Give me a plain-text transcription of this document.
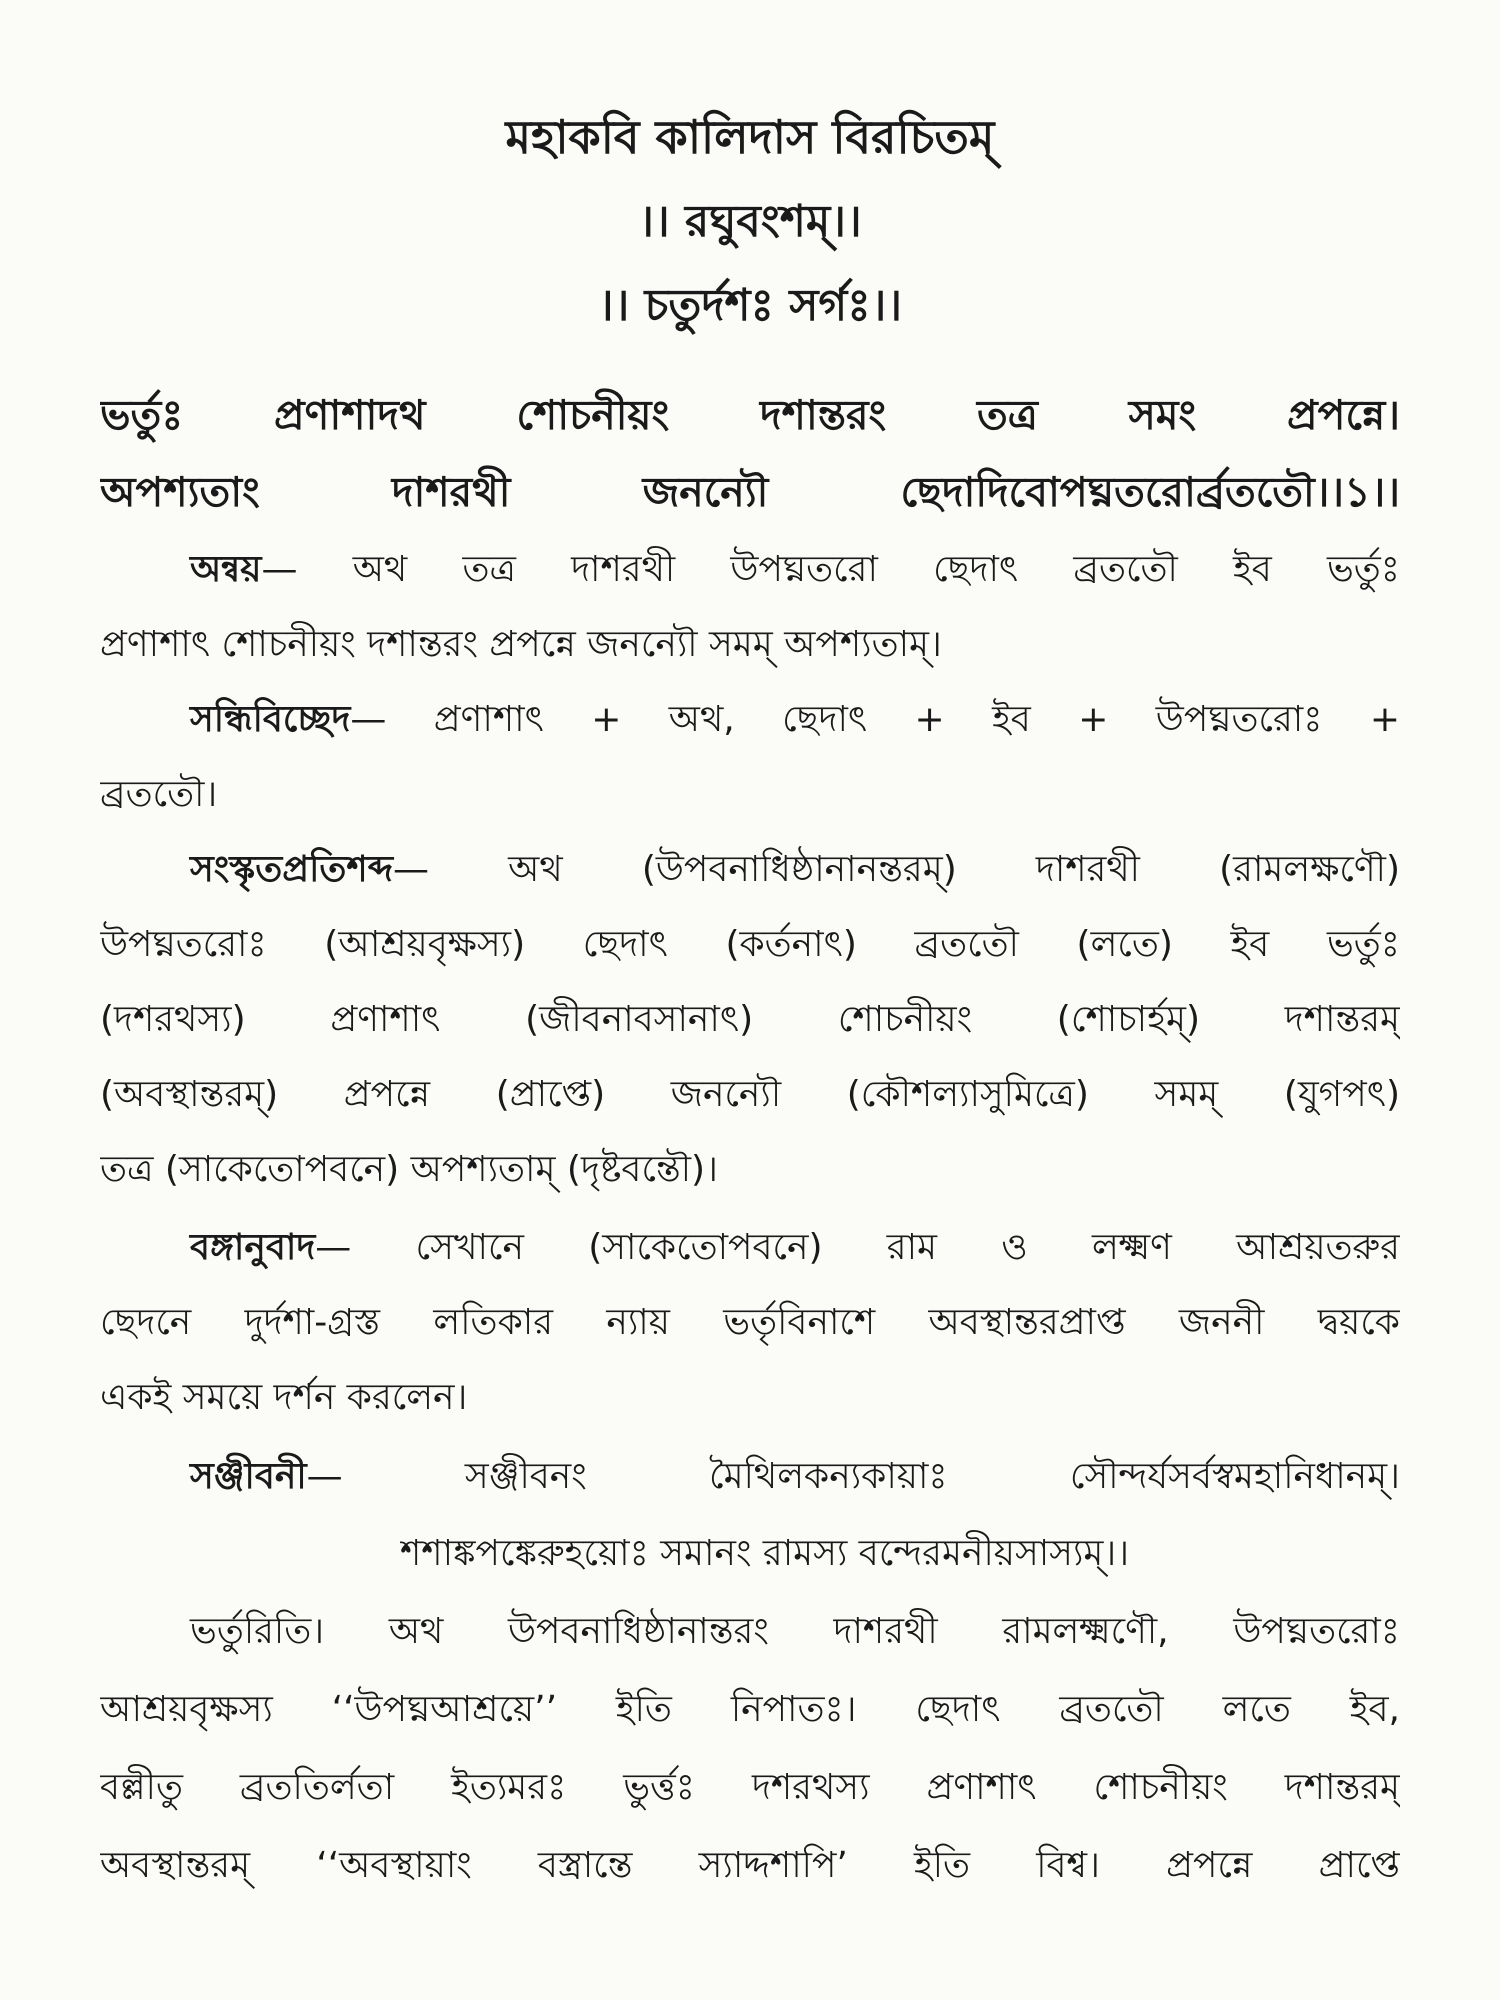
মহাকবি কালিদাস বিরচিতম্
।। রঘুবংশম্।।
।। চতুর্দশঃ সর্গঃ।।
ভর্তুঃ প্রণাশাদথ শোচনীয়ং দশান্তরং তত্র সমং প্রপন্নে।
অপশ্যতাং দাশরথী জনন্যৌ ছেদাদিবোপঘ্নতরোর্ব্রততৌ।।১।।
অন্বয়— অথ তত্র দাশরথী উপঘ্নতরো ছেদাৎ ব্রততৌ ইব ভর্তুঃ
প্রণাশাৎ শোচনীয়ং দশান্তরং প্রপন্নে জনন্যৌ সমম্ অপশ্যতাম্।
সন্ধিবিচ্ছেদ— প্রণাশাৎ + অথ, ছেদাৎ + ইব + উপঘ্নতরোঃ +
ব্রততৌ।
সংস্কৃতপ্রতিশব্দ— অথ (উপবনাধিষ্ঠানানন্তরম্) দাশরথী (রামলক্ষণৌ)
উপঘ্নতরোঃ (আশ্রয়বৃক্ষস্য) ছেদাৎ (কর্তনাৎ) ব্রততৌ (লতে) ইব ভর্তুঃ
(দশরথস্য) প্রণাশাৎ (জীবনাবসানাৎ) শোচনীয়ং (শোচার্হম্) দশান্তরম্
(অবস্থান্তরম্) প্রপন্নে (প্রাপ্তে) জনন্যৌ (কৌশল্যাসুমিত্রে) সমম্ (যুগপৎ)
তত্র (সাকেতোপবনে) অপশ্যতাম্ (দৃষ্টবন্তৌ)।
বঙ্গানুবাদ— সেখানে (সাকেতোপবনে) রাম ও লক্ষ্মণ আশ্রয়তরুর
ছেদনে দুর্দশা-গ্রস্ত লতিকার ন্যায় ভর্তৃবিনাশে অবস্থান্তরপ্রাপ্ত জননী দ্বয়কে
একই সময়ে দর্শন করলেন।
সঞ্জীবনী— সঞ্জীবনং মৈথিলকন্যকায়াঃ সৌন্দর্যসর্বস্বমহানিধানম্।
শশাঙ্কপঙ্কেরুহয়োঃ সমানং রামস্য বন্দেরমনীয়সাস্যম্।।
ভর্তুরিতি। অথ উপবনাধিষ্ঠানান্তরং দাশরথী রামলক্ষ্মণৌ, উপঘ্নতরোঃ
আশ্রয়বৃক্ষস্য ‘‘উপঘ্নআশ্রয়ে’’ ইতি নিপাতঃ। ছেদাৎ ব্রততৌ লতে ইব,
বল্লীতু ব্রততির্লতা ইত্যমরঃ ভুর্ত্তঃ দশরথস্য প্রণাশাৎ শোচনীয়ং দশান্তরম্
অবস্থান্তরম্ ‘‘অবস্থায়াং বস্ত্রান্তে স্যাদ্দশাপি’ ইতি বিশ্ব। প্রপন্নে প্রাপ্তে
